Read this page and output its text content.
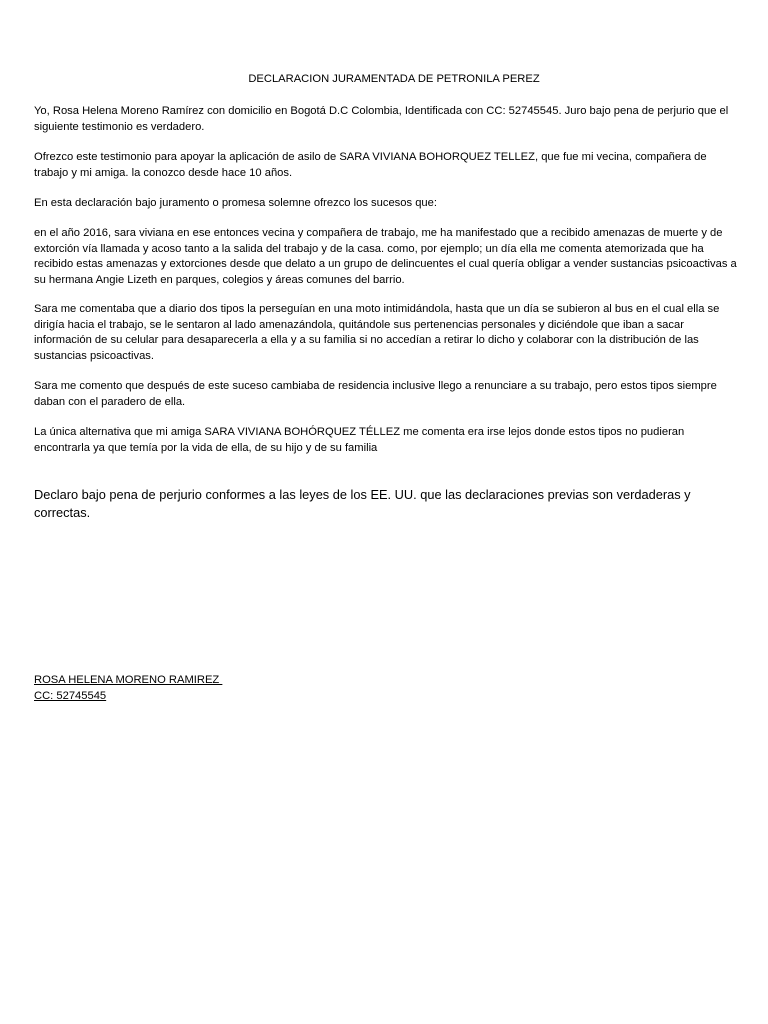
DECLARACION JURAMENTADA DE PETRONILA PEREZ

Yo, Rosa Helena Moreno Ramírez con domicilio en Bogotá D.C Colombia, Identificada con CC: 52745545. Juro bajo pena de perjurio que el siguiente testimonio es verdadero.

Ofrezco este testimonio para apoyar la aplicación de asilo de SARA VIVIANA BOHORQUEZ TELLEZ, que fue mi vecina, compañera de trabajo y mi amiga. la conozco desde hace 10 años.

En esta declaración bajo juramento o promesa solemne ofrezco los sucesos que:

en el año 2016, sara viviana en ese entonces vecina y compañera de trabajo, me ha manifestado que a recibido amenazas de muerte y de extorción vía llamada y acoso tanto a la salida del trabajo y de la casa. como, por ejemplo; un día ella me comenta atemorizada que ha recibido estas amenazas y extorciones desde que delato a un grupo de delincuentes el cual quería obligar a vender sustancias psicoactivas a su hermana Angie Lizeth en parques, colegios y áreas comunes del barrio.

Sara me comentaba que a diario dos tipos la perseguían en una moto intimidándola, hasta que un día se subieron al bus en el cual ella se dirigía hacia el trabajo, se le sentaron al lado amenazándola, quitándole sus pertenencias personales y diciéndole que iban a sacar información de su celular para desaparecerla a ella y a su familia si no accedían a retirar lo dicho y colaborar con la distribución de las sustancias psicoactivas.

Sara me comento que después de este suceso cambiaba de residencia inclusive llego a renunciare a su trabajo, pero estos tipos siempre daban con el paradero de ella.

La única alternativa que mi amiga SARA VIVIANA BOHÓRQUEZ TÉLLEZ me comenta era irse lejos donde estos tipos no pudieran encontrarla ya que temía por la vida de ella, de su hijo y de su familia

Declaro bajo pena de perjurio conformes a las leyes de los EE. UU. que las declaraciones previas son verdaderas y correctas.

ROSA HELENA MORENO RAMIREZ
CC: 52745545
